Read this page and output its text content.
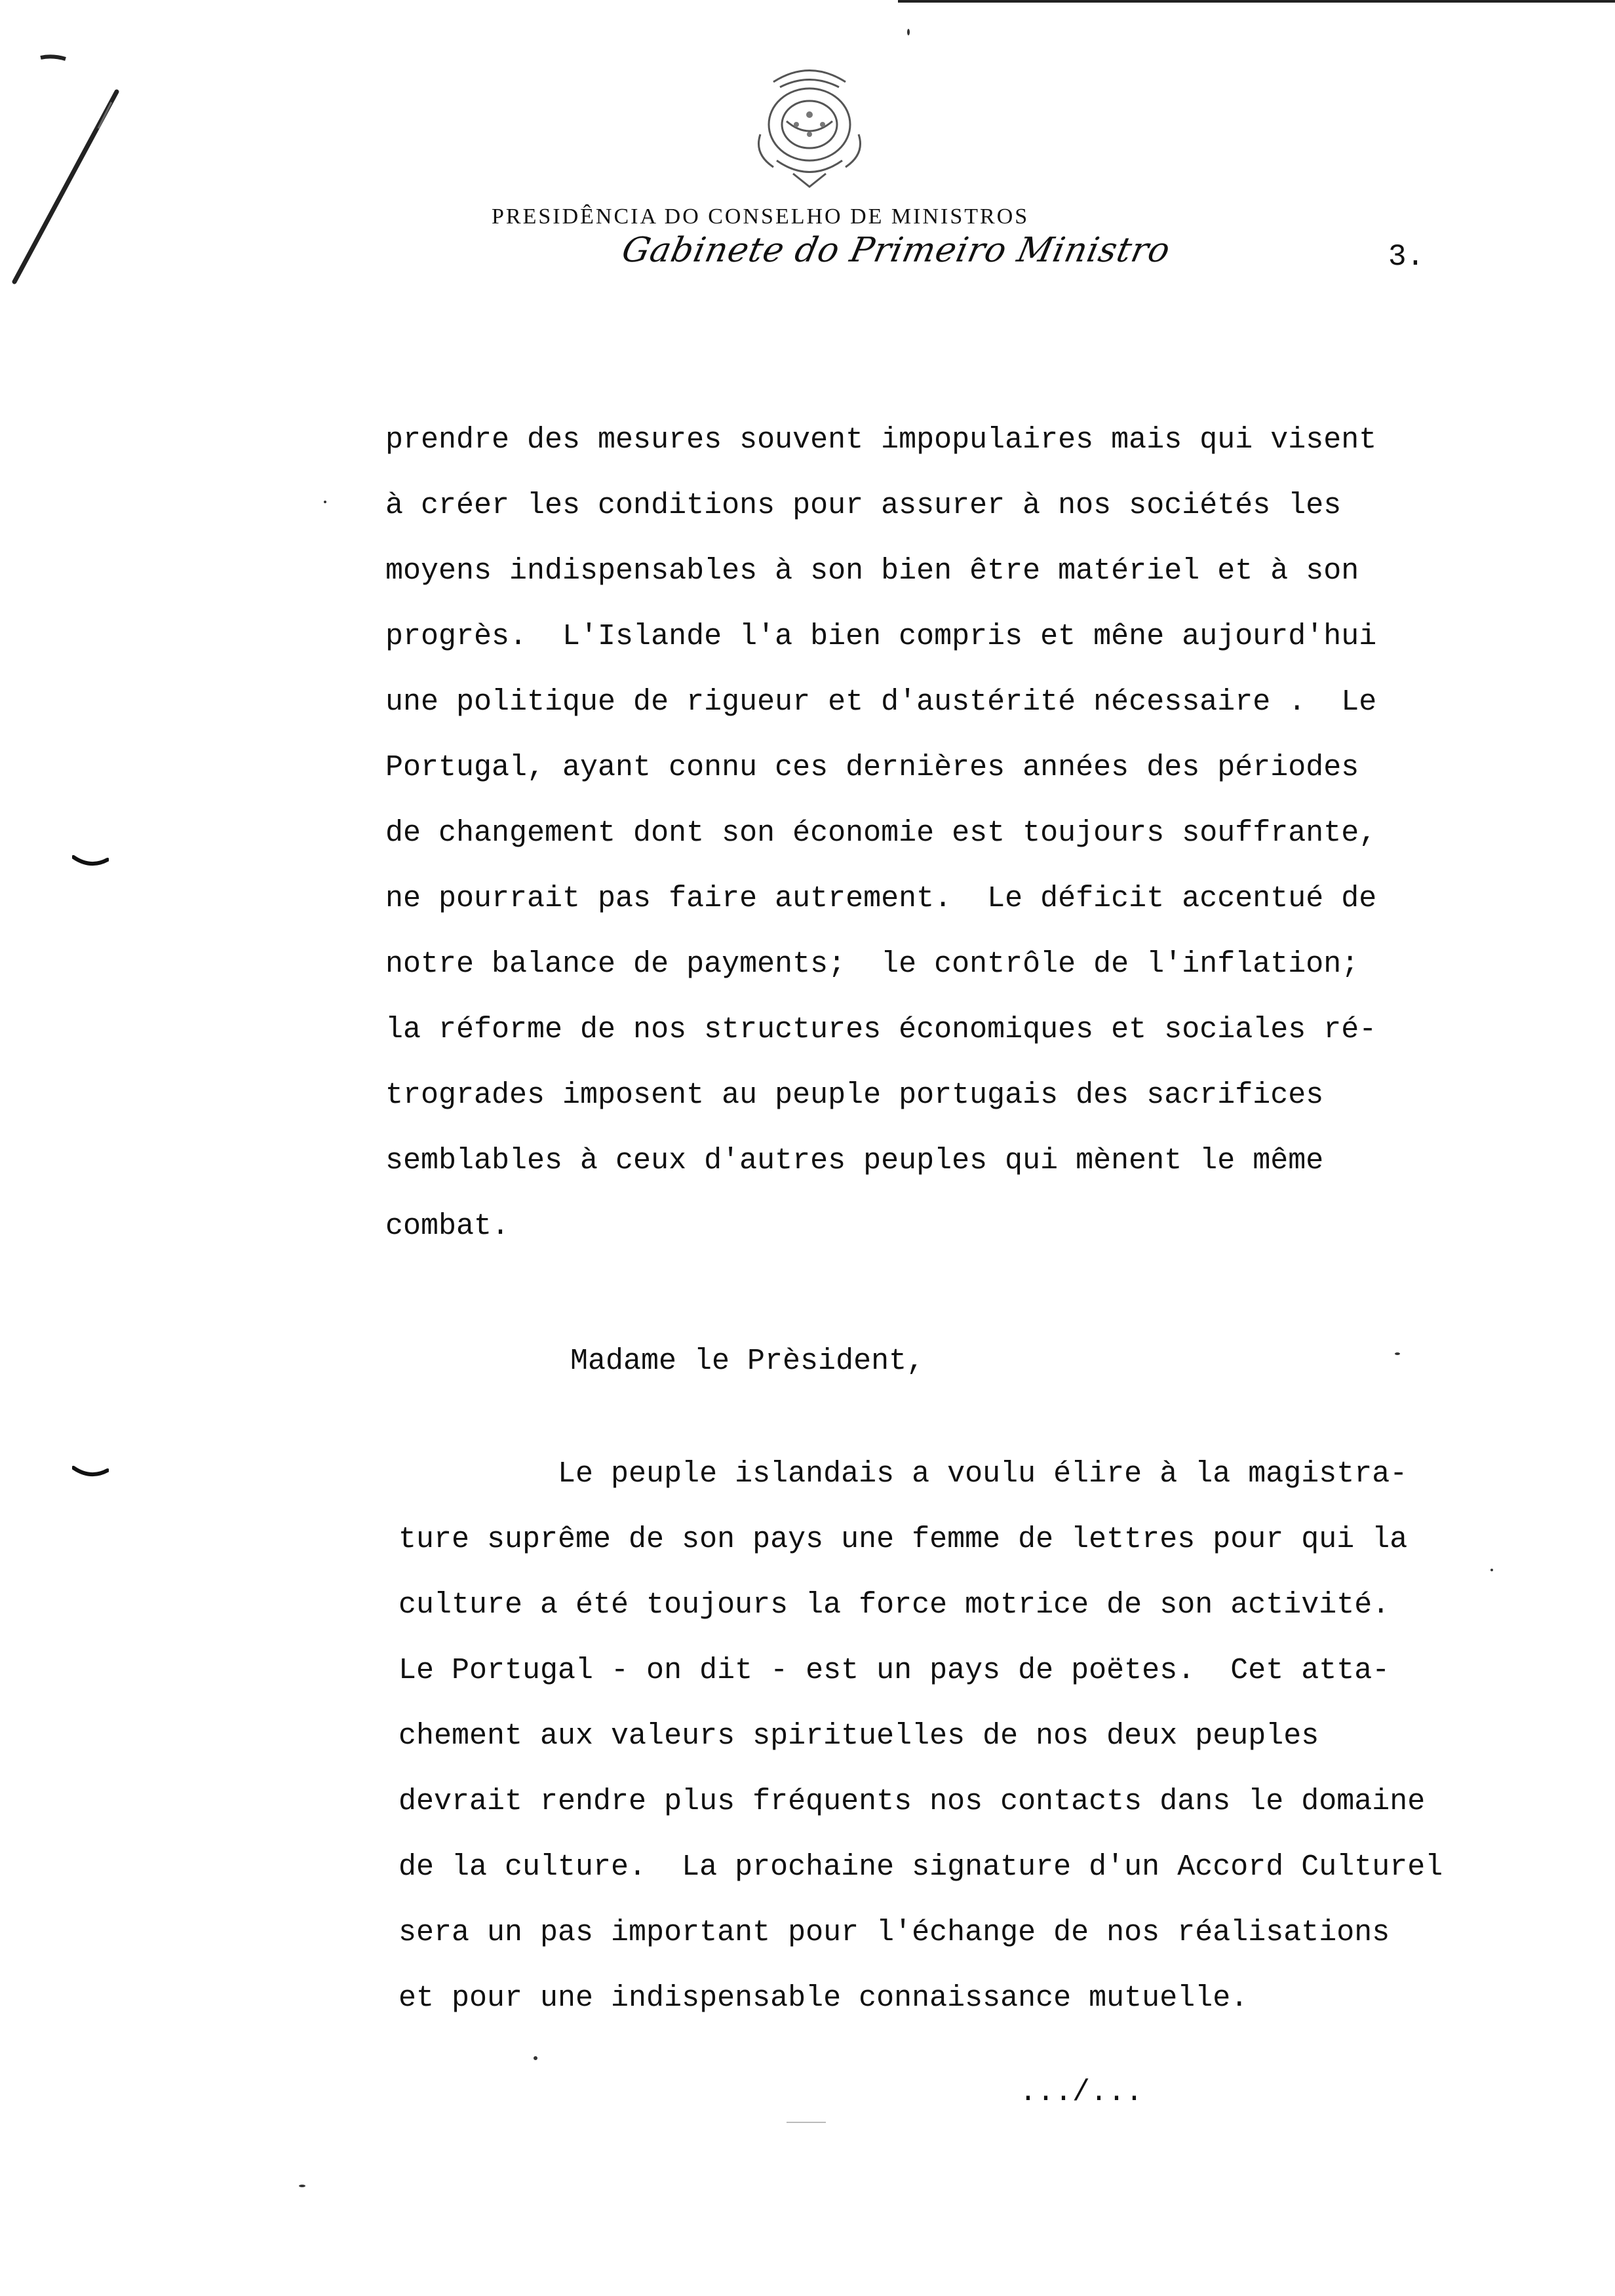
PRESIDÊNCIA DO CONSELHO DE MINISTROS
Gabinete do Primeiro Ministro	3.
prendre des mesures souvent impopulaires mais qui visent
à créer les conditions pour assurer à nos sociétés les
moyens indispensables à son bien être matériel et à son
progrès.  L'Islande l'a bien compris et mêne aujourd'hui
une politique de rigueur et d'austérité nécessaire .  Le
Portugal, ayant connu ces dernières années des périodes
de changement dont son économie est toujours souffrante,
ne pourrait pas faire autrement.  Le déficit accentué de
notre balance de payments;  le contrôle de l'inflation;
la réforme de nos structures économiques et sociales ré-
trogrades imposent au peuple portugais des sacrifices
semblables à ceux d'autres peuples qui mènent le même
combat.
Madame le Prèsident,
Le peuple islandais a voulu élire à la magistra-
ture suprême de son pays une femme de lettres pour qui la
culture a été toujours la force motrice de son activité.
Le Portugal - on dit - est un pays de poëtes.  Cet atta-
chement aux valeurs spirituelles de nos deux peuples
devrait rendre plus fréquents nos contacts dans le domaine
de la culture.  La prochaine signature d'un Accord Culturel
sera un pas important pour l'échange de nos réalisations
et pour une indispensable connaissance mutuelle.
.../...
